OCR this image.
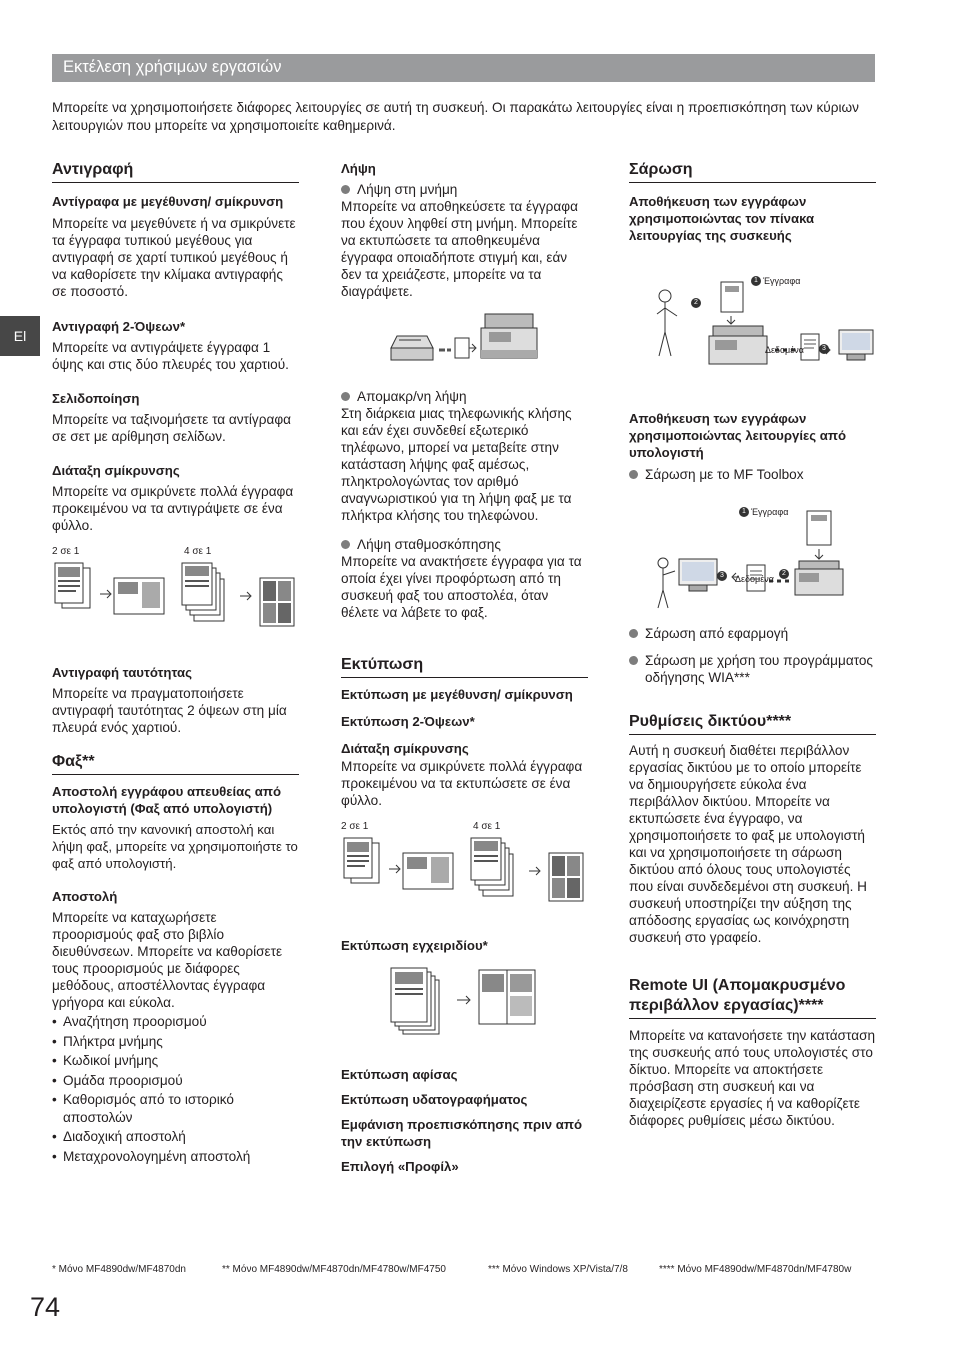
Εκτέλεση χρήσιμων εργασιών
Μπορείτε να χρησιμοποιήσετε διάφορες λειτουργίες σε αυτή τη συσκευή. Οι παρακάτω λειτουργίες είναι η προεπισκόπηση των κύριων λειτουργιών που μπορείτε να χρησιμοποιείτε καθημερινά.
El
Αντιγραφή

Αντίγραφα με μεγέθυνση/ σμίκρυνση

Μπορείτε να μεγεθύνετε ή να σμικρύνετε τα έγγραφα τυπικού μεγέθους για αντιγραφή σε χαρτί τυπικού μεγέθους ή να καθορίσετε την κλίμακα αντιγραφής σε ποσοστό.

Αντιγραφή 2-Όψεων*

Μπορείτε να αντιγράψετε έγγραφα 1 όψης και στις δύο πλευρές του χαρτιού.

Σελιδοποίηση

Μπορείτε να ταξινομήσετε τα αντίγραφα σε σετ με αρίθμηση σελίδων.

Διάταξη σμίκρυνσης

Μπορείτε να σμικρύνετε πολλά έγγραφα προκειμένου να τα αντιγράψετε σε ένα φύλλο.

2 σε 1	4 σε 1

Αντιγραφή ταυτότητας

Μπορείτε να πραγματοποιήσετε αντιγραφή ταυτότητας 2 όψεων στη μία πλευρά ενός χαρτιού.

Φαξ**

Αποστολή εγγράφου απευθείας από υπολογιστή (Φαξ από υπολογιστή)

Εκτός από την κανονική αποστολή και λήψη φαξ, μπορείτε να χρησιμοποιήστε το φαξ από υπολογιστή.

Αποστολή

Μπορείτε να καταχωρήσετε προορισμούς φαξ στο βιβλίο διευθύνσεων. Μπορείτε να καθορίσετε τους προορισμούς με διάφορες μεθόδους, αποστέλλοντας έγγραφα γρήγορα και εύκολα.

• Αναζήτηση προορισμού
• Πλήκτρα μνήμης
• Κωδικοί μνήμης
• Ομάδα προορισμού
• Καθορισμός από το ιστορικό αποστολών
• Διαδοχική αποστολή
• Μεταχρονολογημένη αποστολή

Λήψη

Λήψη στη μνήμη

Μπορείτε να αποθηκεύσετε τα έγγραφα που έχουν ληφθεί στη μνήμη. Μπορείτε να εκτυπώσετε τα αποθηκευμένα έγγραφα οποιαδήποτε στιγμή και, εάν δεν τα χρειάζεστε, μπορείτε να τα διαγράψετε.

Απομακρ/νη λήψη

Στη διάρκεια μιας τηλεφωνικής κλήσης και εάν έχει συνδεθεί εξωτερικό τηλέφωνο, μπορεί να μεταβείτε στην κατάσταση λήψης φαξ αμέσως, πληκτρολογώντας τον αριθμό αναγνωριστικού για τη λήψη φαξ με τα πλήκτρα κλήσης του τηλεφώνου.

Λήψη σταθμοσκόπησης

Μπορείτε να ανακτήσετε έγγραφα για τα οποία έχει γίνει προφόρτωση από τη συσκευή φαξ του αποστολέα, όταν θέλετε να λάβετε το φαξ.

Εκτύπωση

Εκτύπωση με μεγέθυνση/ σμίκρυνση

Εκτύπωση 2-Όψεων*

Διάταξη σμίκρυνσης

Μπορείτε να σμικρύνετε πολλά έγγραφα προκειμένου να τα εκτυπώσετε σε ένα φύλλο.

2 σε 1	4 σε 1

Εκτύπωση εγχειριδίου*

Εκτύπωση αφίσας

Εκτύπωση υδατογραφήματος

Εμφάνιση προεπισκόπησης πριν από την εκτύπωση

Επιλογή «Προφίλ»

Σάρωση

Αποθήκευση των εγγράφων χρησιμοποιώντας τον πίνακα λειτουργίας της συσκευής

1 Έγγραφα
2
Δεδομένα	3

Αποθήκευση των εγγράφων χρησιμοποιώντας λειτουργίες από υπολογιστή

Σάρωση με το MF Toolbox
1 Έγγραφα
2
3	Δεδομένα
Σάρωση από εφαρμογή
Σάρωση με χρήση του προγράμματος οδήγησης WIA***
Ρυθμίσεις δικτύου****

Αυτή η συσκευή διαθέτει περιβάλλον εργασίας δικτύου με το οποίο μπορείτε να δημιουργήσετε εύκολα ένα περιβάλλον δικτύου. Μπορείτε να εκτυπώσετε ένα έγγραφο, να χρησιμοποιήσετε το φαξ με υπολογιστή και να χρησιμοποιήσετε τη σάρωση δικτύου από όλους τους υπολογιστές που είναι συνδεδεμένοι στη συσκευή. Η συσκευή υποστηρίζει την αύξηση της απόδοσης εργασίας ως κοινόχρηστη συσκευή στο γραφείο.

Remote UI (Απομακρυσμένο περιβάλλον εργασίας)****

Μπορείτε να κατανοήσετε την κατάσταση της συσκευής από τους υπολογιστές στο δίκτυο. Μπορείτε να αποκτήσετε πρόσβαση στη συσκευή και να διαχειρίζεστε εργασίες ή να καθορίζετε διάφορες ρυθμίσεις μέσω δικτύου.

* Μόνο MF4890dw/MF4870dn	** Μόνο MF4890dw/MF4870dn/MF4780w/MF4750	*** Μόνο Windows XP/Vista/7/8	**** Μόνο MF4890dw/MF4870dn/MF4780w
74
